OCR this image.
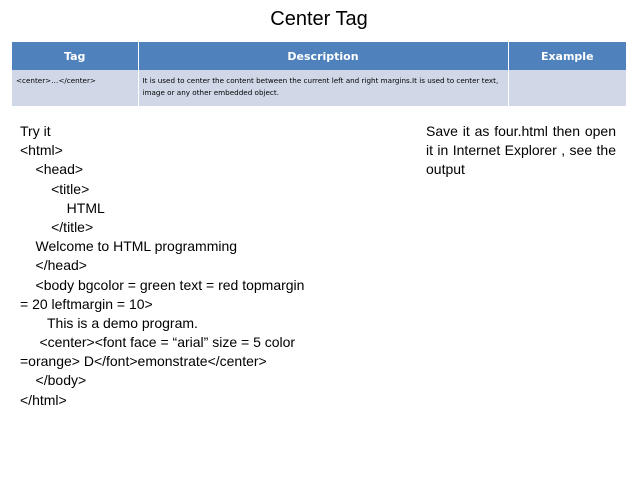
Center Tag
Tag	Description	Example
<center>…</center>	It is used to center the content between the current left and right margins.It is used to center text, image or any other embedded object.	
Try it
<html>
<head>
<title>
HTML
</title>
Welcome to HTML programming
</head>
<body bgcolor = green text = red topmargin
= 20 leftmargin = 10>
This is a demo program.
<center><font face = “arial” size = 5 color
=orange> D</font>emonstrate</center>
</body>
</html>
Save it as four.html then open it in Internet Explorer , see the output
